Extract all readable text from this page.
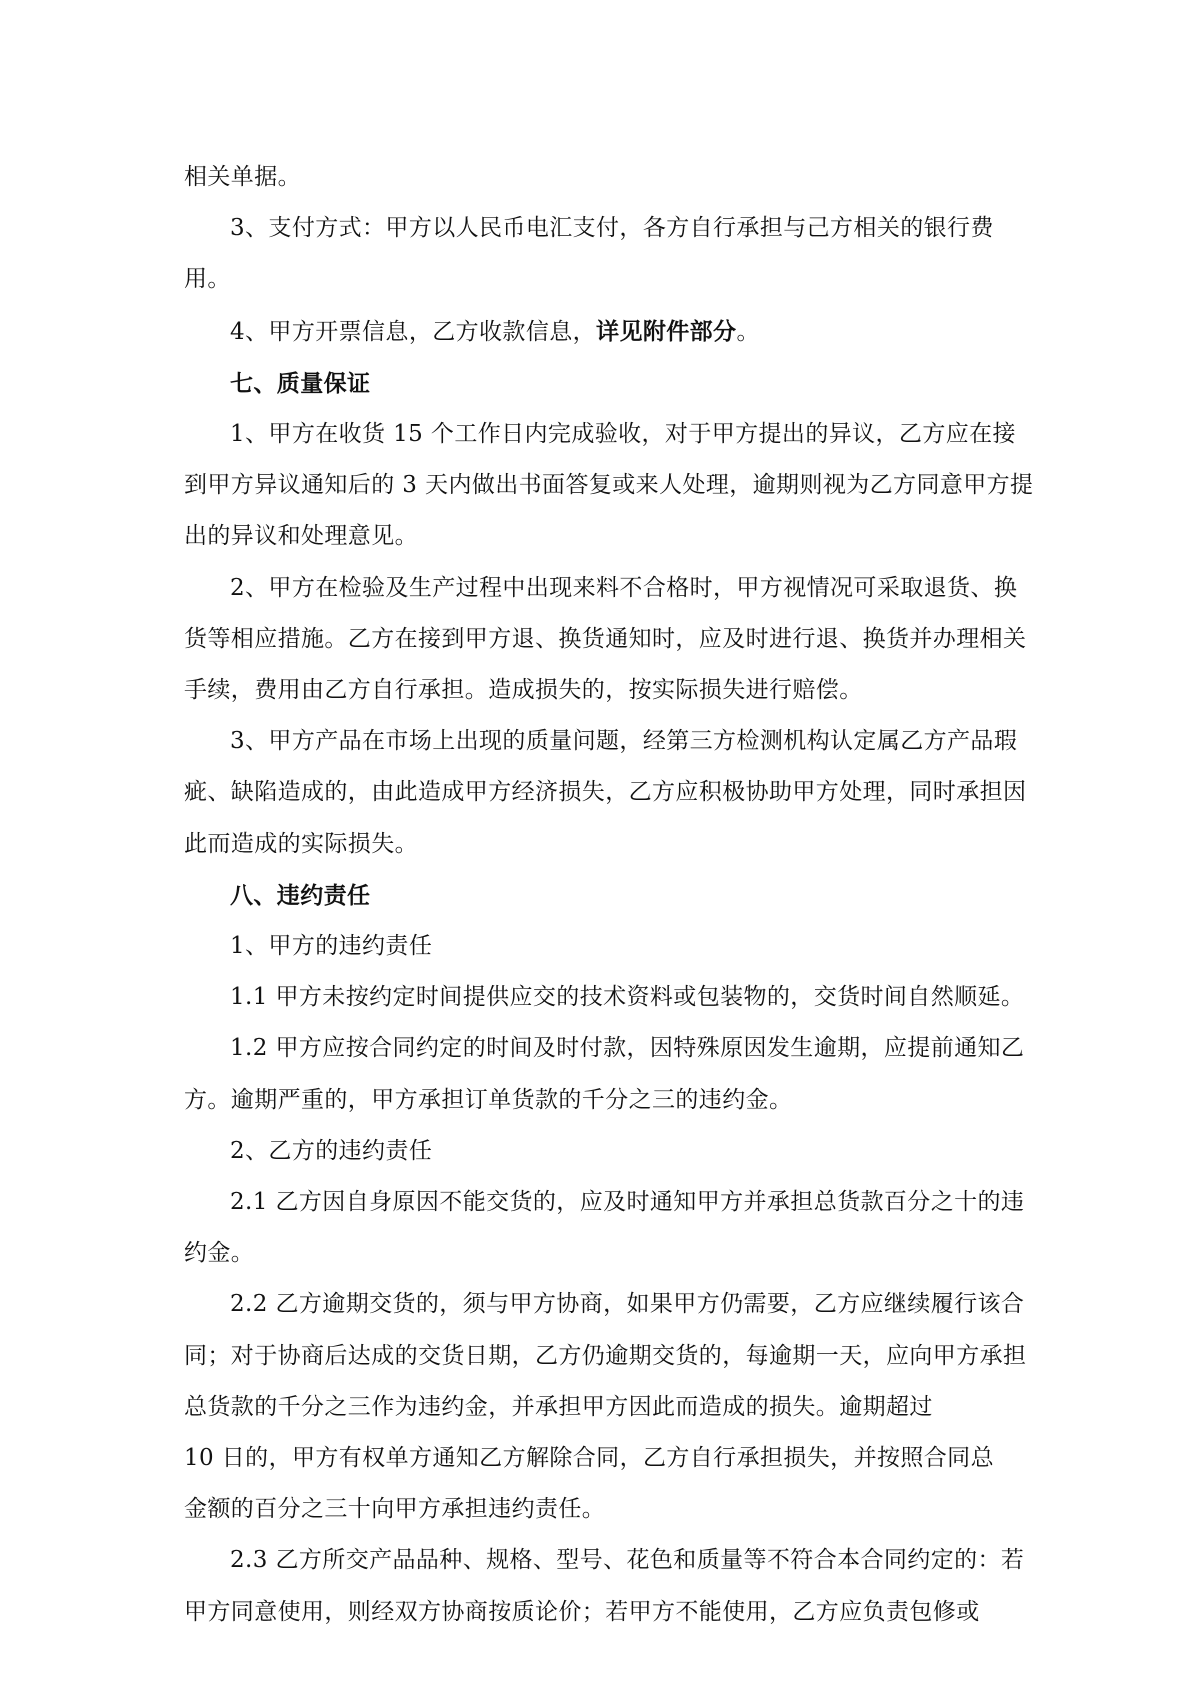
相关单据。

3、支付方式：甲方以人民币电汇支付，各方自行承担与己方相关的银行费用。

4、甲方开票信息，乙方收款信息，详见附件部分。

七、质量保证

1、甲方在收货 15 个工作日内完成验收，对于甲方提出的异议，乙方应在接到甲方异议通知后的 3 天内做出书面答复或来人处理，逾期则视为乙方同意甲方提出的异议和处理意见。

2、甲方在检验及生产过程中出现来料不合格时，甲方视情况可采取退货、换货等相应措施。乙方在接到甲方退、换货通知时，应及时进行退、换货并办理相关手续，费用由乙方自行承担。造成损失的，按实际损失进行赔偿。

3、甲方产品在市场上出现的质量问题，经第三方检测机构认定属乙方产品瑕疵、缺陷造成的，由此造成甲方经济损失，乙方应积极协助甲方处理，同时承担因此而造成的实际损失。

八、违约责任

1、甲方的违约责任

1.1 甲方未按约定时间提供应交的技术资料或包装物的，交货时间自然顺延。

1.2 甲方应按合同约定的时间及时付款，因特殊原因发生逾期，应提前通知乙方。逾期严重的，甲方承担订单货款的千分之三的违约金。

2、乙方的违约责任

2.1 乙方因自身原因不能交货的，应及时通知甲方并承担总货款百分之十的违约金。

2.2 乙方逾期交货的，须与甲方协商，如果甲方仍需要，乙方应继续履行该合同；对于协商后达成的交货日期，乙方仍逾期交货的，每逾期一天，应向甲方承担总货款的千分之三作为违约金，并承担甲方因此而造成的损失。逾期超过

10 日的，甲方有权单方通知乙方解除合同，乙方自行承担损失，并按照合同总

金额的百分之三十向甲方承担违约责任。

2.3 乙方所交产品品种、规格、型号、花色和质量等不符合本合同约定的：若甲方同意使用，则经双方协商按质论价；若甲方不能使用，乙方应负责包修或
